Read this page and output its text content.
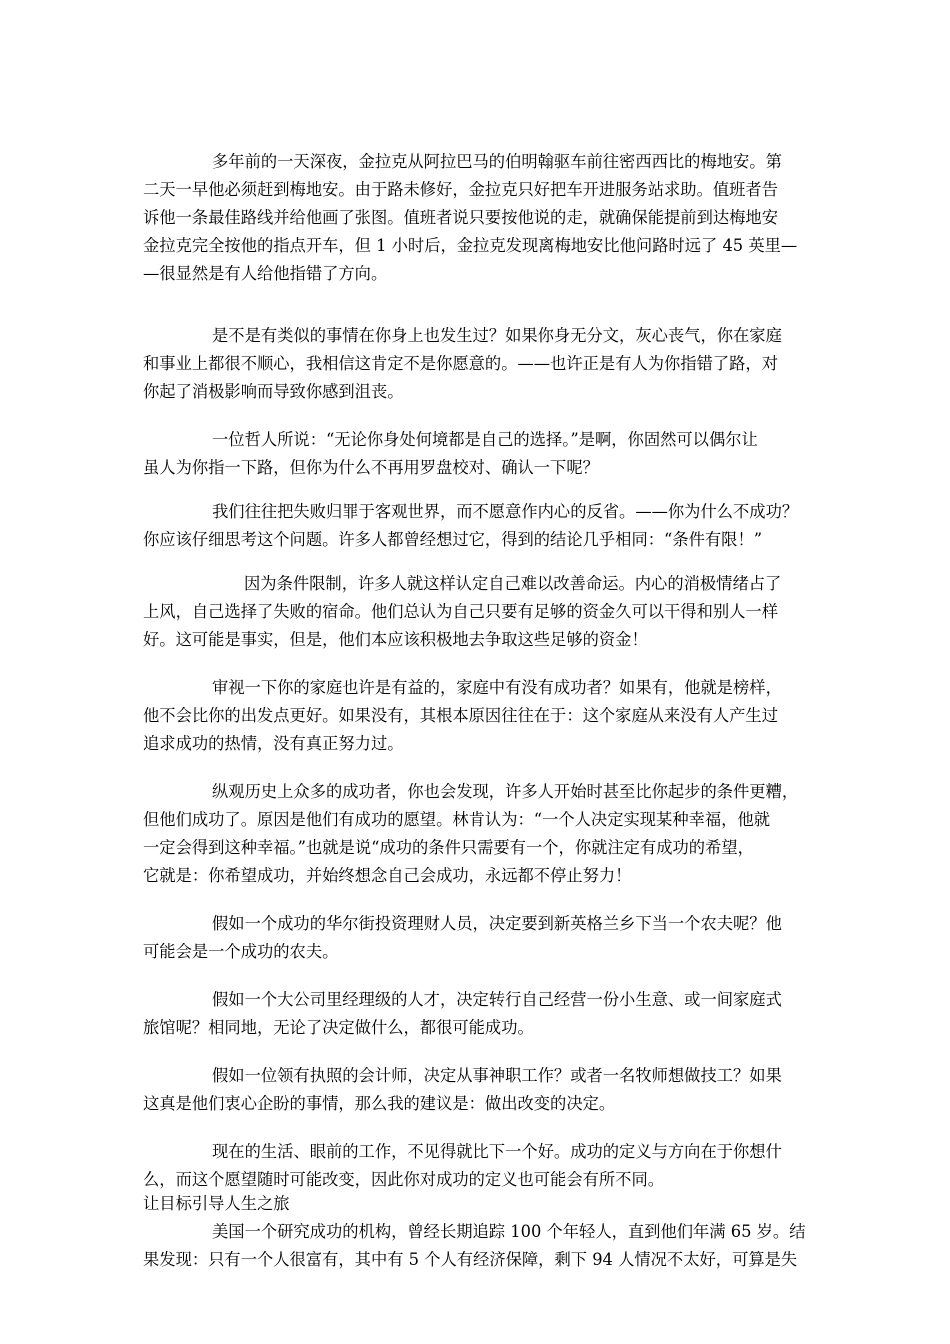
多年前的一天深夜，金拉克从阿拉巴马的伯明翰驱车前往密西西比的梅地安。第
二天一早他必须赶到梅地安。由于路未修好，金拉克只好把车开进服务站求助。值班者告
诉他一条最佳路线并给他画了张图。值班者说只要按他说的走，就确保能提前到达梅地安
金拉克完全按他的指点开车，但 1 小时后，金拉克发现离梅地安比他问路时远了 45 英里—
—很显然是有人给他指错了方向。
是不是有类似的事情在你身上也发生过？如果你身无分文，灰心丧气，你在家庭
和事业上都很不顺心，我相信这肯定不是你愿意的。——也许正是有人为你指错了路，对
你起了消极影响而导致你感到沮丧。
一位哲人所说：“无论你身处何境都是自己的选择。”是啊，你固然可以偶尔让
虽人为你指一下路，但你为什么不再用罗盘校对、确认一下呢？
我们往往把失败归罪于客观世界，而不愿意作内心的反省。——你为什么不成功？
你应该仔细思考这个问题。许多人都曾经想过它，得到的结论几乎相同：“条件有限！”
因为条件限制，许多人就这样认定自己难以改善命运。内心的消极情绪占了
上风，自己选择了失败的宿命。他们总认为自己只要有足够的资金久可以干得和别人一样
好。这可能是事实，但是，他们本应该积极地去争取这些足够的资金！
审视一下你的家庭也许是有益的，家庭中有没有成功者？如果有，他就是榜样，
他不会比你的出发点更好。如果没有，其根本原因往往在于：这个家庭从来没有人产生过
追求成功的热情，没有真正努力过。
纵观历史上众多的成功者，你也会发现，许多人开始时甚至比你起步的条件更糟，
但他们成功了。原因是他们有成功的愿望。林肯认为：“一个人决定实现某种幸福，他就
一定会得到这种幸福。”也就是说“成功的条件只需要有一个，你就注定有成功的希望，
它就是：你希望成功，并始终想念自己会成功，永远都不停止努力！
假如一个成功的华尔街投资理财人员，决定要到新英格兰乡下当一个农夫呢？他
可能会是一个成功的农夫。
假如一个大公司里经理级的人才，决定转行自己经营一份小生意、或一间家庭式
旅馆呢？相同地，无论了决定做什么，都很可能成功。
假如一位领有执照的会计师，决定从事神职工作？或者一名牧师想做技工？如果
这真是他们衷心企盼的事情，那么我的建议是：做出改变的决定。
现在的生活、眼前的工作，不见得就比下一个好。成功的定义与方向在于你想什
么，而这个愿望随时可能改变，因此你对成功的定义也可能会有所不同。
让目标引导人生之旅
美国一个研究成功的机构，曾经长期追踪 100 个年轻人，直到他们年满 65 岁。结
果发现：只有一个人很富有，其中有 5 个人有经济保障，剩下 94 人情况不太好，可算是失
